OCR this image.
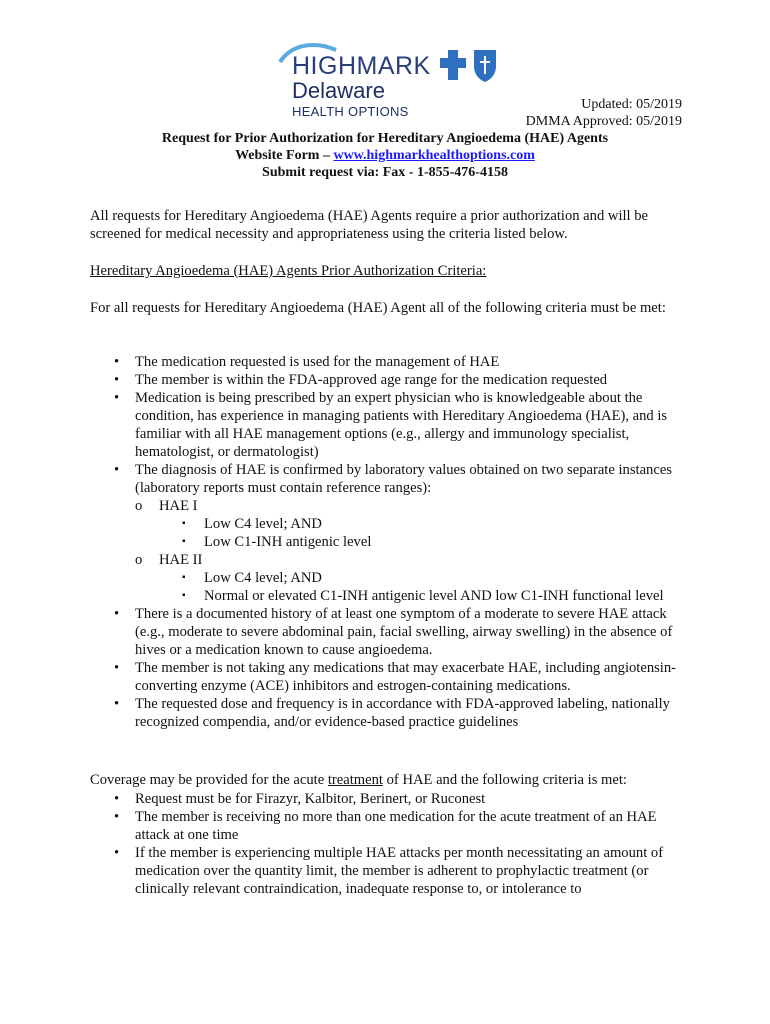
HIGHMARK
Delaware
HEALTH OPTIONS	Updated: 05/2019
DMMA Approved: 05/2019
Request for Prior Authorization for Hereditary Angioedema (HAE) Agents
Website Form – www.highmarkhealthoptions.com
Submit request via: Fax - 1-855-476-4158
All requests for Hereditary Angioedema (HAE) Agents require a prior authorization and will be screened for medical necessity and appropriateness using the criteria listed below.
Hereditary Angioedema (HAE) Agents Prior Authorization Criteria:
For all requests for Hereditary Angioedema (HAE) Agent all of the following criteria must be met:
• The medication requested is used for the management of HAE
• The member is within the FDA-approved age range for the medication requested
• Medication is being prescribed by an expert physician who is knowledgeable about the condition, has experience in managing patients with Hereditary Angioedema (HAE), and is familiar with all HAE management options (e.g., allergy and immunology specialist, hematologist, or dermatologist)
• The diagnosis of HAE is confirmed by laboratory values obtained on two separate instances (laboratory reports must contain reference ranges):
o HAE I
▪ Low C4 level; AND
▪ Low C1-INH antigenic level
o HAE II
▪ Low C4 level; AND
▪ Normal or elevated C1-INH antigenic level AND low C1-INH functional level
• There is a documented history of at least one symptom of a moderate to severe HAE attack (e.g., moderate to severe abdominal pain, facial swelling, airway swelling) in the absence of hives or a medication known to cause angioedema.
• The member is not taking any medications that may exacerbate HAE, including angiotensin-converting enzyme (ACE) inhibitors and estrogen-containing medications.
• The requested dose and frequency is in accordance with FDA-approved labeling, nationally recognized compendia, and/or evidence-based practice guidelines
Coverage may be provided for the acute treatment of HAE and the following criteria is met:
• Request must be for Firazyr, Kalbitor, Berinert, or Ruconest
• The member is receiving no more than one medication for the acute treatment of an HAE attack at one time
• If the member is experiencing multiple HAE attacks per month necessitating an amount of medication over the quantity limit, the member is adherent to prophylactic treatment (or clinically relevant contraindication, inadequate response to, or intolerance to
